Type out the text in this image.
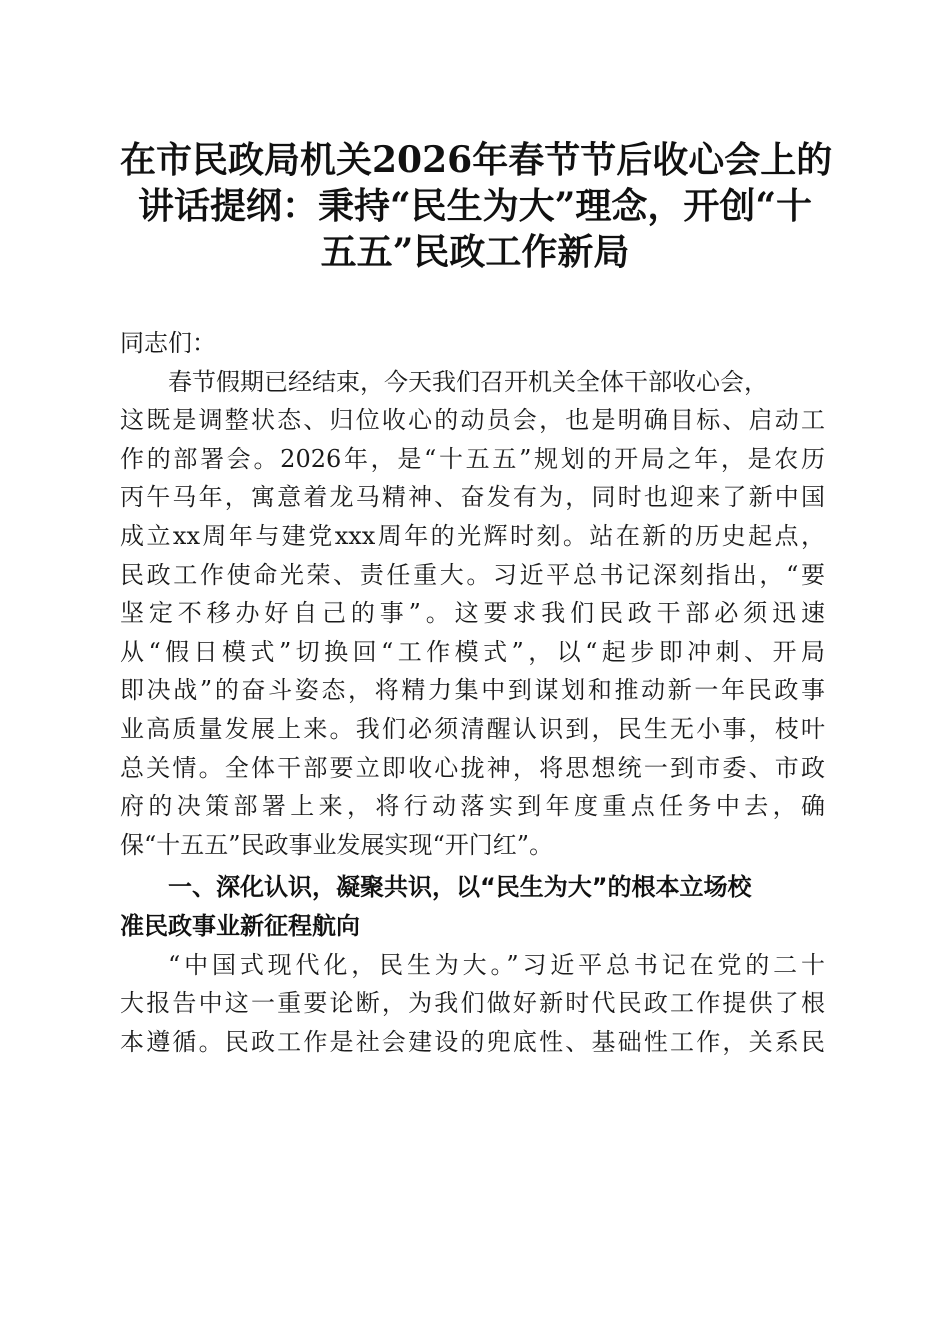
在市民政局机关2026年春节节后收心会上的
讲话提纲：秉持“民生为大”理念，开创“十
五五”民政工作新局

同志们：

春节假期已经结束，今天我们召开机关全体干部收心会，
这既是调整状态、归位收心的动员会，也是明确目标、启动工
作的部署会。2026年，是“十五五”规划的开局之年，是农历
丙午马年，寓意着龙马精神、奋发有为，同时也迎来了新中国
成立xx周年与建党xxx周年的光辉时刻。站在新的历史起点，
民政工作使命光荣、责任重大。习近平总书记深刻指出，“要
坚定不移办好自己的事”。这要求我们民政干部必须迅速
从“假日模式”切换回“工作模式”，以“起步即冲刺、开局
即决战”的奋斗姿态，将精力集中到谋划和推动新一年民政事
业高质量发展上来。我们必须清醒认识到，民生无小事，枝叶
总关情。全体干部要立即收心拢神，将思想统一到市委、市政
府的决策部署上来，将行动落实到年度重点任务中去，确
保“十五五”民政事业发展实现“开门红”。
一、深化认识，凝聚共识，以“民生为大”的根本立场校
准民政事业新征程航向
“中国式现代化，民生为大。”习近平总书记在党的二十
大报告中这一重要论断，为我们做好新时代民政工作提供了根
本遵循。民政工作是社会建设的兜底性、基础性工作，关系民
